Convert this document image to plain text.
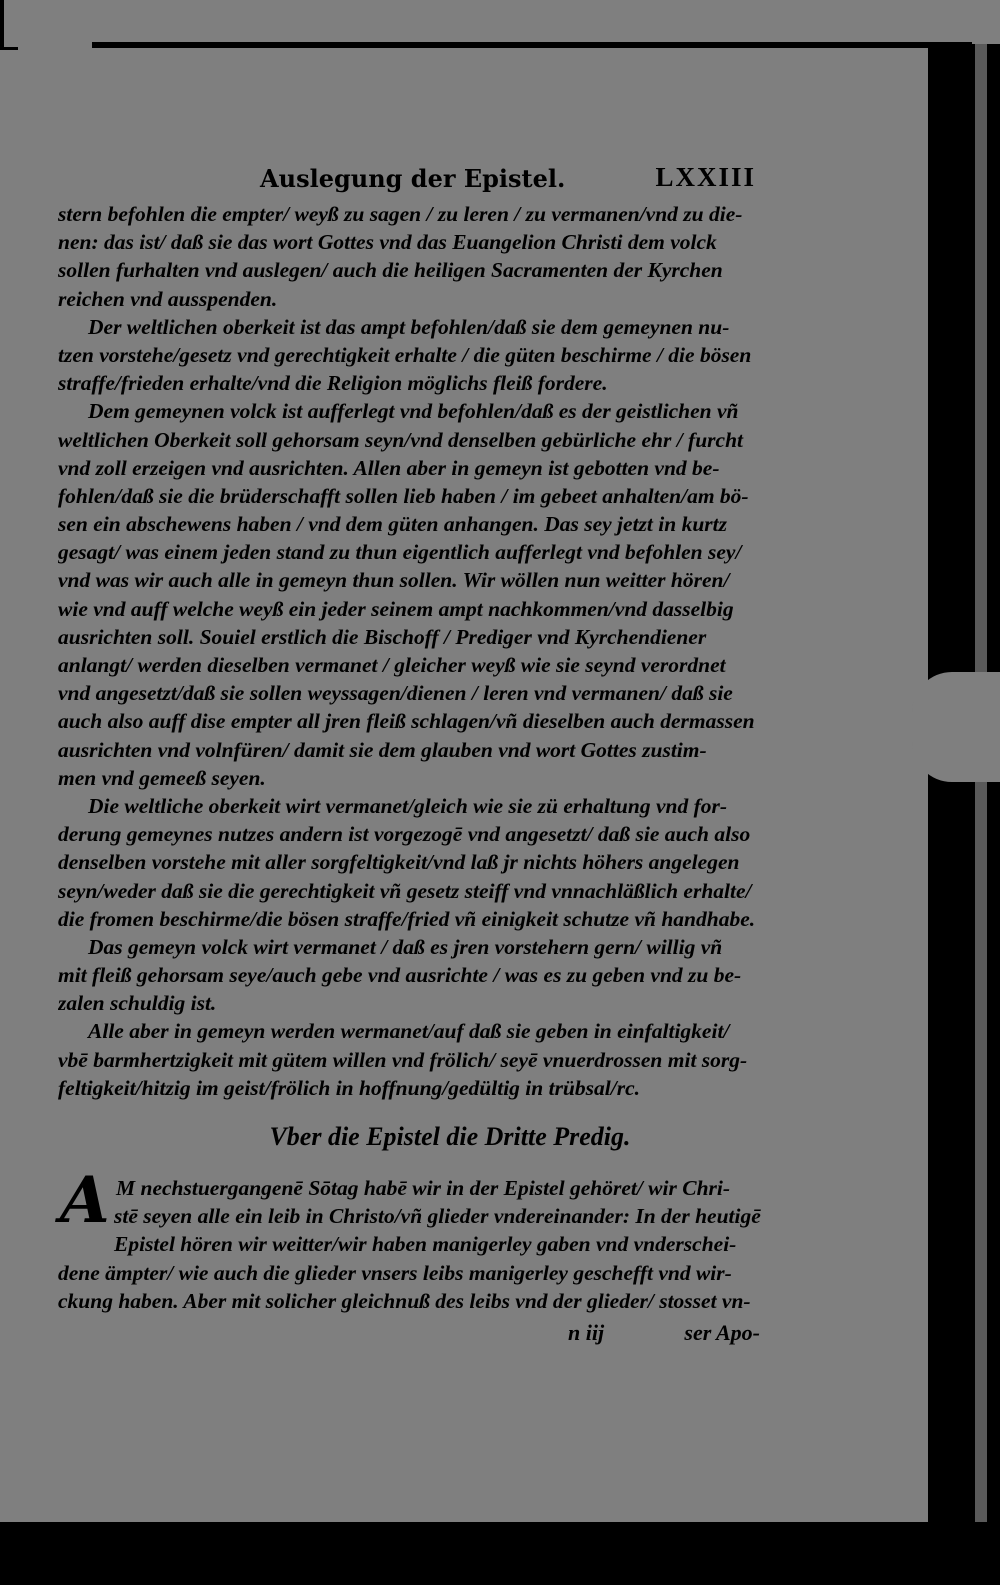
Auslegung der Epistel.	LXXIII
stern befohlen die empter/ weyß zu sagen / zu leren / zu vermanen/vnd zu die-
nen: das ist/ daß sie das wort Gottes vnd das Euangelion Christi dem volck
sollen furhalten vnd auslegen/ auch die heiligen Sacramenten der Kyrchen
reichen vnd ausspenden.
Der weltlichen oberkeit ist das ampt befohlen/daß sie dem gemeynen nu-
tzen vorstehe/gesetz vnd gerechtigkeit erhalte / die güten beschirme / die bösen
straffe/frieden erhalte/vnd die Religion möglichs fleiß fordere.
Dem gemeynen volck ist aufferlegt vnd befohlen/daß es der geistlichen vñ
weltlichen Oberkeit soll gehorsam seyn/vnd denselben gebürliche ehr / furcht
vnd zoll erzeigen vnd ausrichten. Allen aber in gemeyn ist gebotten vnd be-
fohlen/daß sie die brüderschafft sollen lieb haben / im gebeet anhalten/am bö-
sen ein abschewens haben / vnd dem güten anhangen. Das sey jetzt in kurtz
gesagt/ was einem jeden stand zu thun eigentlich aufferlegt vnd befohlen sey/
vnd was wir auch alle in gemeyn thun sollen. Wir wöllen nun weitter hören/
wie vnd auff welche weyß ein jeder seinem ampt nachkommen/vnd dasselbig
ausrichten soll. Souiel erstlich die Bischoff / Prediger vnd Kyrchendiener
anlangt/ werden dieselben vermanet / gleicher weyß wie sie seynd verordnet
vnd angesetzt/daß sie sollen weyssagen/dienen / leren vnd vermanen/ daß sie
auch also auff dise empter all jren fleiß schlagen/vñ dieselben auch dermassen
ausrichten vnd volnfüren/ damit sie dem glauben vnd wort Gottes zustim-
men vnd gemeeß seyen.
Die weltliche oberkeit wirt vermanet/gleich wie sie zü erhaltung vnd for-
derung gemeynes nutzes andern ist vorgezogē vnd angesetzt/ daß sie auch also
denselben vorstehe mit aller sorgfeltigkeit/vnd laß jr nichts höhers angelegen
seyn/weder daß sie die gerechtigkeit vñ gesetz steiff vnd vnnachläßlich erhalte/
die fromen beschirme/die bösen straffe/fried vñ einigkeit schutze vñ handhabe.
Das gemeyn volck wirt vermanet / daß es jren vorstehern gern/ willig vñ
mit fleiß gehorsam seye/auch gebe vnd ausrichte / was es zu geben vnd zu be-
zalen schuldig ist.
Alle aber in gemeyn werden wermanet/auf daß sie geben in einfaltigkeit/
vbē barmhertzigkeit mit gütem willen vnd frölich/ seyē vnuerdrossen mit sorg-
feltigkeit/hitzig im geist/frölich in hoffnung/gedültig in trübsal/rc.
Vber die Epistel die Dritte Predig.
A M nechstuergangenē Sōtag habē wir in der Epistel gehöret/ wir Chri-
stē seyen alle ein leib in Christo/vñ glieder vndereinander: In der heutigē
Epistel hören wir weitter/wir haben manigerley gaben vnd vnderschei-
dene ämpter/ wie auch die glieder vnsers leibs manigerley geschefft vnd wir-
ckung haben. Aber mit solicher gleichnuß des leibs vnd der glieder/ stosset vn-
n iij	ser Apo-
